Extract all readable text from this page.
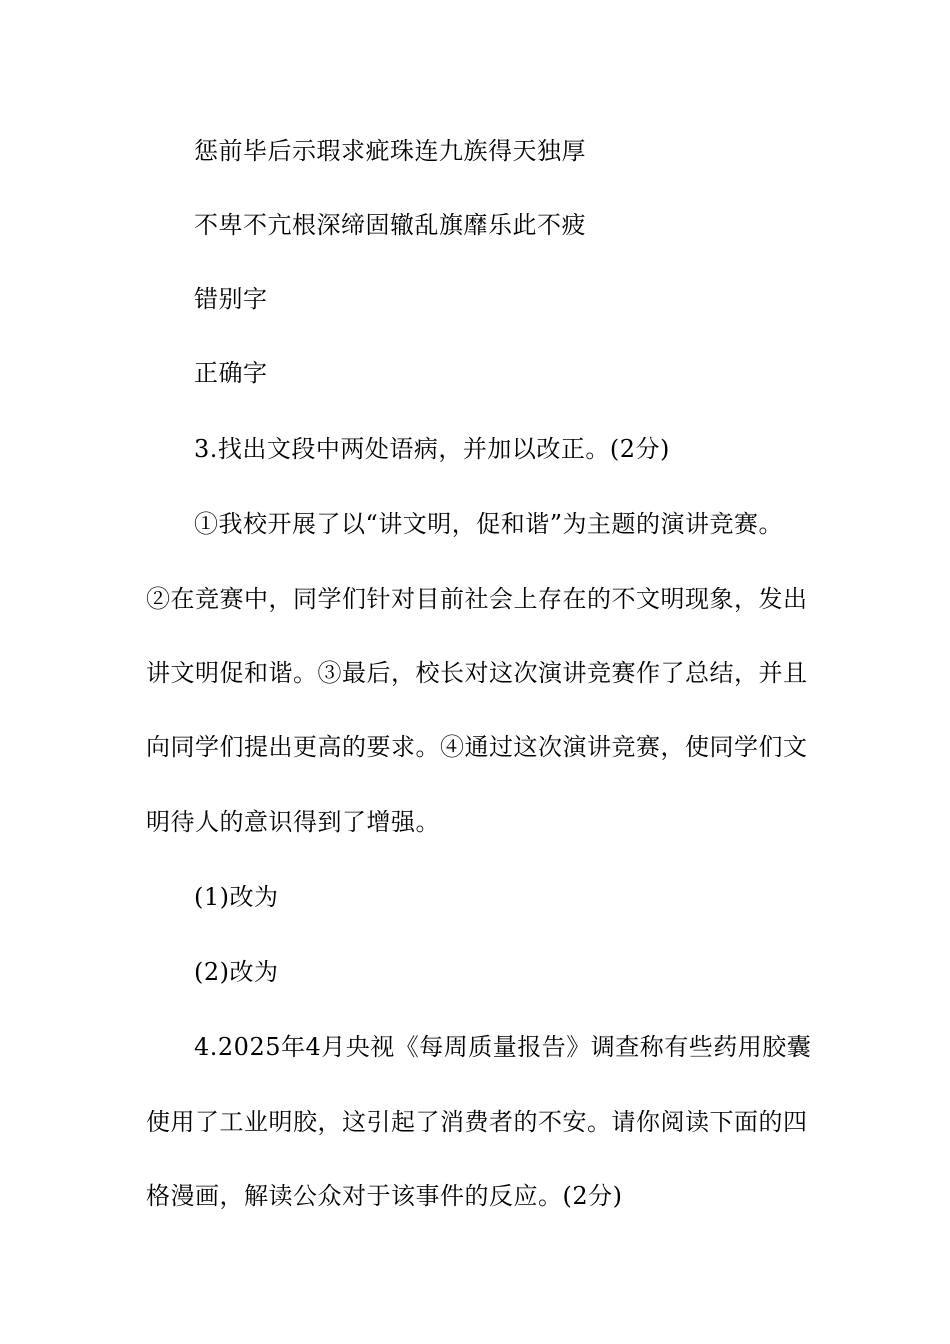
惩前毕后示瑕求疵珠连九族得天独厚
不卑不亢根深缔固辙乱旗靡乐此不疲
错别字
正确字
3.找出文段中两处语病，并加以改正。(2分)
①我校开展了以“讲文明，促和谐”为主题的演讲竞赛。
②在竞赛中，同学们针对目前社会上存在的不文明现象，发出
讲文明促和谐。③最后，校长对这次演讲竞赛作了总结，并且
向同学们提出更高的要求。④通过这次演讲竞赛，使同学们文
明待人的意识得到了增强。
(1)改为
(2)改为
4.2025年4月央视《每周质量报告》调查称有些药用胶囊
使用了工业明胶，这引起了消费者的不安。请你阅读下面的四
格漫画，解读公众对于该事件的反应。(2分)
